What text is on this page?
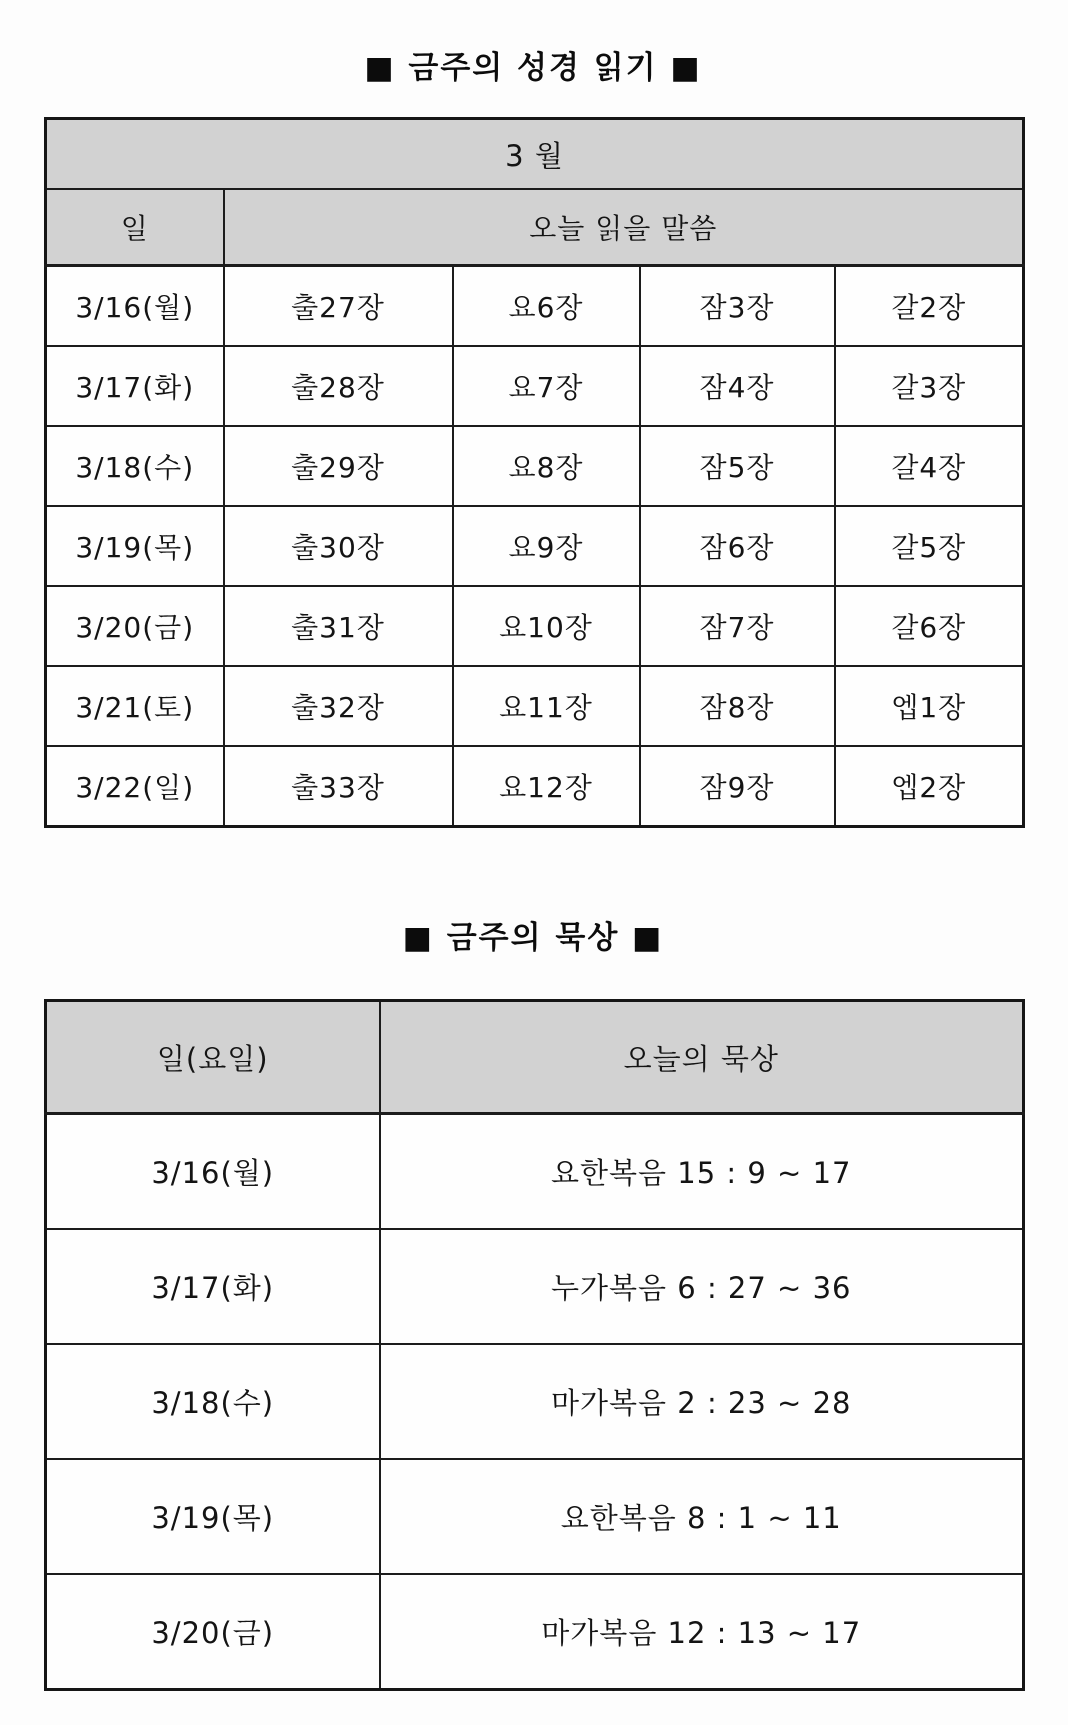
■ 금주의 성경 읽기 ■
3 월				
일	오늘 읽을 말씀			
3/16(월)	출27장	요6장	잠3장	갈2장
3/17(화)	출28장	요7장	잠4장	갈3장
3/18(수)	출29장	요8장	잠5장	갈4장
3/19(목)	출30장	요9장	잠6장	갈5장
3/20(금)	출31장	요10장	잠7장	갈6장
3/21(토)	출32장	요11장	잠8장	엡1장
3/22(일)	출33장	요12장	잠9장	엡2장
■ 금주의 묵상 ■
일(요일)	오늘의 묵상
3/16(월)	요한복음 15 : 9 ~ 17
3/17(화)	누가복음 6 : 27 ~ 36
3/18(수)	마가복음 2 : 23 ~ 28
3/19(목)	요한복음 8 : 1 ~ 11
3/20(금)	마가복음 12 : 13 ~ 17
